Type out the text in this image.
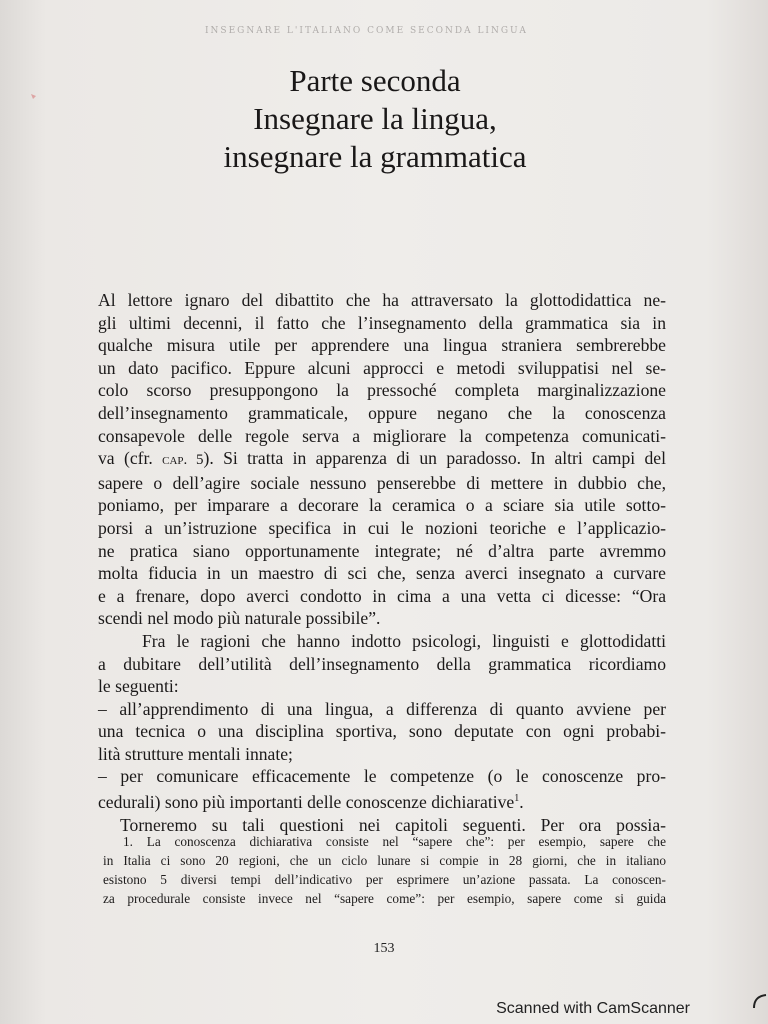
INSEGNARE L'ITALIANO COME SECONDA LINGUA
Parte seconda
Insegnare la lingua,
insegnare la grammatica

Al lettore ignaro del dibattito che ha attraversato la glottodidattica ne-
gli ultimi decenni, il fatto che l’insegnamento della grammatica sia in
qualche misura utile per apprendere una lingua straniera sembrerebbe
un dato pacifico. Eppure alcuni approcci e metodi sviluppatisi nel se-
colo scorso presuppongono la pressoché completa marginalizzazione
dell’insegnamento grammaticale, oppure negano che la conoscenza
consapevole delle regole serva a migliorare la competenza comunicati-
va (cfr. cap. 5). Si tratta in apparenza di un paradosso. In altri campi del
sapere o dell’agire sociale nessuno penserebbe di mettere in dubbio che,
poniamo, per imparare a decorare la ceramica o a sciare sia utile sotto-
porsi a un’istruzione specifica in cui le nozioni teoriche e l’applicazio-
ne pratica siano opportunamente integrate; né d’altra parte avremmo
molta fiducia in un maestro di sci che, senza averci insegnato a curvare
e a frenare, dopo averci condotto in cima a una vetta ci dicesse: “Ora
scendi nel modo più naturale possibile”.

Fra le ragioni che hanno indotto psicologi, linguisti e glottodidatti
a dubitare dell’utilità dell’insegnamento della grammatica ricordiamo
le seguenti:

– all’apprendimento di una lingua, a differenza di quanto avviene per
una tecnica o una disciplina sportiva, sono deputate con ogni probabi-
lità strutture mentali innate;
– per comunicare efficacemente le competenze (o le conoscenze pro-
cedurali) sono più importanti delle conoscenze dichiarative$^1$.

Torneremo su tali questioni nei capitoli seguenti. Per ora possia-

1. La conoscenza dichiarativa consiste nel “sapere che”: per esempio, sapere che
in Italia ci sono 20 regioni, che un ciclo lunare si compie in 28 giorni, che in italiano
esistono 5 diversi tempi dell’indicativo per esprimere un’azione passata. La conoscen-
za procedurale consiste invece nel “sapere come”: per esempio, sapere come si guida
153
Scanned with CamScanner
